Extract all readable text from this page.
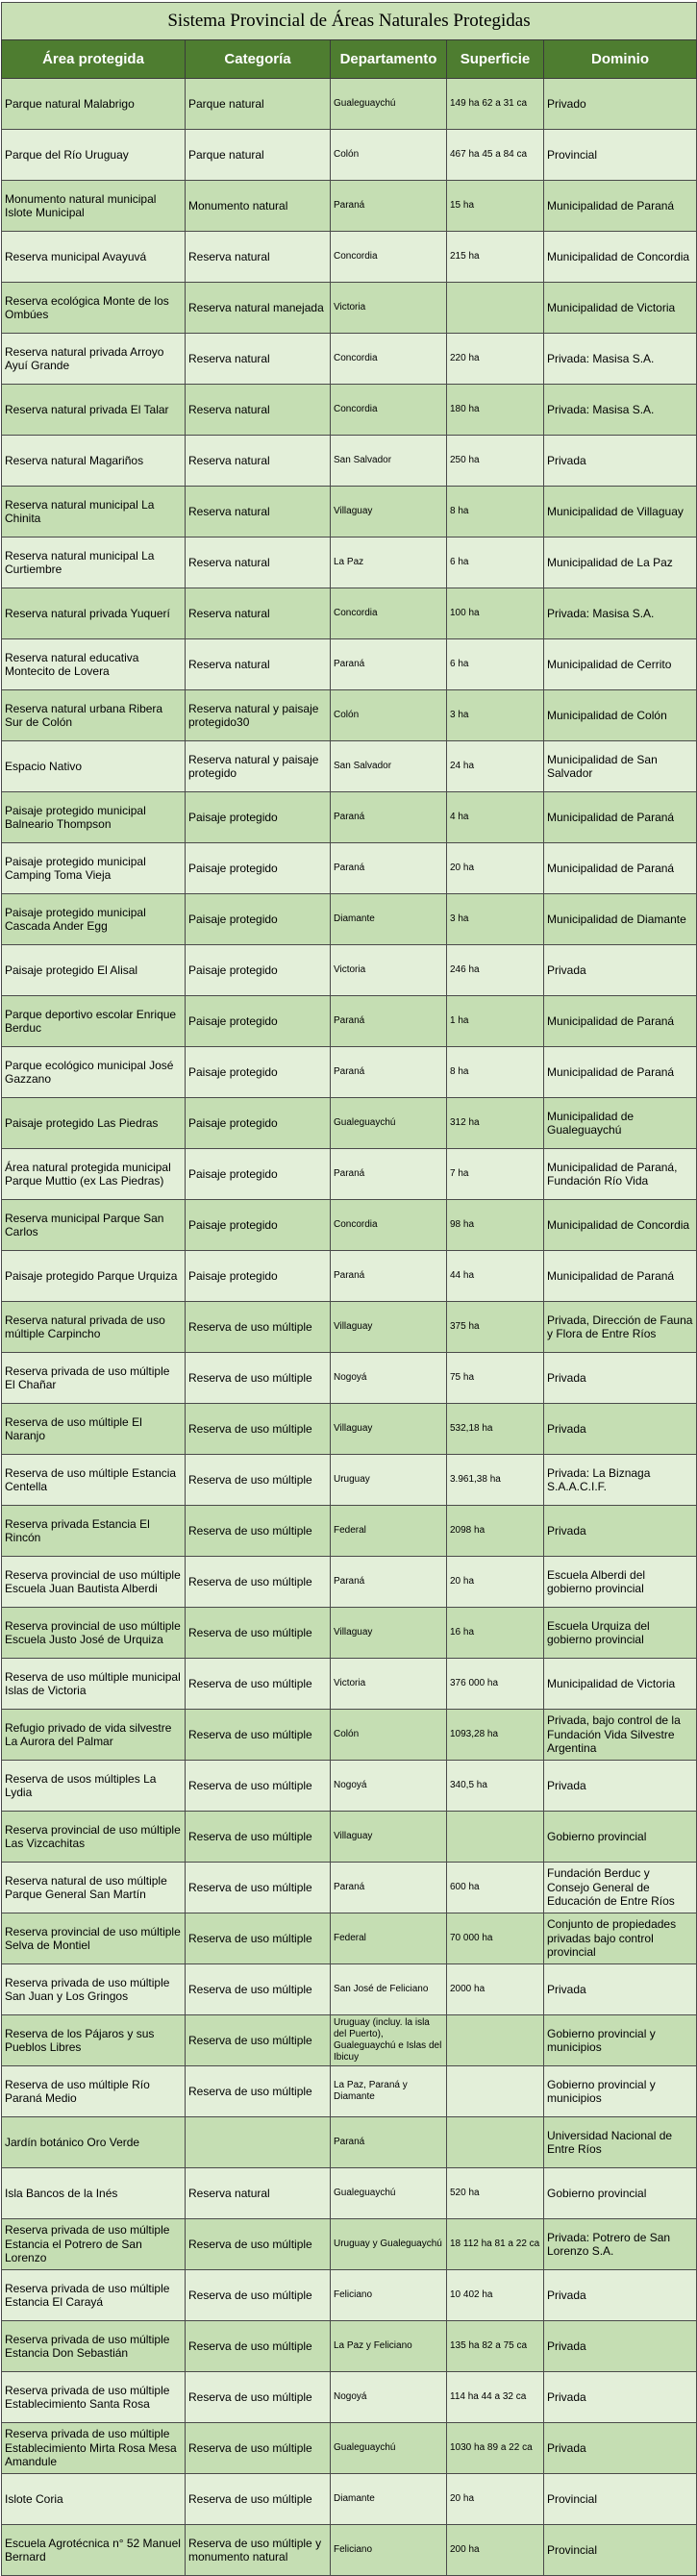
Sistema Provincial de Áreas Naturales Protegidas
Área protegida	Categoría	Departamento	Superficie	Dominio

Parque natural Malabrigo	Parque natural	Gualeguaychú	149 ha 62 a 31 ca	Privado

Parque del Río Uruguay	Parque natural	Colón	467 ha 45 a 84 ca	Provincial

Monumento natural municipal Islote Municipal	Monumento natural	Paraná	15 ha	Municipalidad de Paraná

Reserva municipal Avayuvá	Reserva natural	Concordia	215 ha	Municipalidad de Concordia

Reserva ecológica Monte de los Ombúes	Reserva natural manejada	Victoria		Municipalidad de Victoria

Reserva natural privada Arroyo Ayuí Grande	Reserva natural	Concordia	220 ha	Privada: Masisa S.A.

Reserva natural privada El Talar	Reserva natural	Concordia	180 ha	Privada: Masisa S.A.

Reserva natural Magariños	Reserva natural	San Salvador	250 ha	Privada

Reserva natural municipal La Chinita	Reserva natural	Villaguay	8 ha	Municipalidad de Villaguay

Reserva natural municipal La Curtiembre	Reserva natural	La Paz	6 ha	Municipalidad de La Paz

Reserva natural privada Yuquerí	Reserva natural	Concordia	100 ha	Privada: Masisa S.A.

Reserva natural educativa Montecito de Lovera	Reserva natural	Paraná	6 ha	Municipalidad de Cerrito

Reserva natural urbana Ribera Sur de Colón	Reserva natural y paisaje protegido30	Colón	3 ha	Municipalidad de Colón

Espacio Nativo	Reserva natural y paisaje protegido	San Salvador	24 ha	Municipalidad de San Salvador

Paisaje protegido municipal Balneario Thompson	Paisaje protegido	Paraná	4 ha	Municipalidad de Paraná

Paisaje protegido municipal Camping Toma Vieja	Paisaje protegido	Paraná	20 ha	Municipalidad de Paraná

Paisaje protegido municipal Cascada Ander Egg	Paisaje protegido	Diamante	3 ha	Municipalidad de Diamante

Paisaje protegido El Alisal	Paisaje protegido	Victoria	246 ha	Privada

Parque deportivo escolar Enrique Berduc	Paisaje protegido	Paraná	1 ha	Municipalidad de Paraná

Parque ecológico municipal José Gazzano	Paisaje protegido	Paraná	8 ha	Municipalidad de Paraná

Paisaje protegido Las Piedras	Paisaje protegido	Gualeguaychú	312 ha	Municipalidad de Gualeguaychú

Área natural protegida municipal Parque Muttio (ex Las Piedras)	Paisaje protegido	Paraná	7 ha	Municipalidad de Paraná, Fundación Río Vida

Reserva municipal Parque San Carlos	Paisaje protegido	Concordia	98 ha	Municipalidad de Concordia

Paisaje protegido Parque Urquiza	Paisaje protegido	Paraná	44 ha	Municipalidad de Paraná

Reserva natural privada de uso múltiple Carpincho	Reserva de uso múltiple	Villaguay	375 ha	Privada, Dirección de Fauna y Flora de Entre Ríos

Reserva privada de uso múltiple El Chañar	Reserva de uso múltiple	Nogoyá	75 ha	Privada

Reserva de uso múltiple El Naranjo	Reserva de uso múltiple	Villaguay	532,18 ha	Privada

Reserva de uso múltiple Estancia Centella	Reserva de uso múltiple	Uruguay	3.961,38 ha	Privada: La Biznaga S.A.A.C.I.F.

Reserva privada Estancia El Rincón	Reserva de uso múltiple	Federal	2098 ha	Privada

Reserva provincial de uso múltiple Escuela Juan Bautista Alberdi	Reserva de uso múltiple	Paraná	20 ha	Escuela Alberdi del gobierno provincial

Reserva provincial de uso múltiple Escuela Justo José de Urquiza	Reserva de uso múltiple	Villaguay	16 ha	Escuela Urquiza del gobierno provincial

Reserva de uso múltiple municipal Islas de Victoria	Reserva de uso múltiple	Victoria	376 000 ha	Municipalidad de Victoria

Refugio privado de vida silvestre La Aurora del Palmar	Reserva de uso múltiple	Colón	1093,28 ha	Privada, bajo control de la Fundación Vida Silvestre Argentina

Reserva de usos múltiples La Lydia	Reserva de uso múltiple	Nogoyá	340,5 ha	Privada

Reserva provincial de uso múltiple Las Vizcachitas	Reserva de uso múltiple	Villaguay		Gobierno provincial

Reserva natural de uso múltiple Parque General San Martín	Reserva de uso múltiple	Paraná	600 ha	Fundación Berduc y Consejo General de Educación de Entre Ríos

Reserva provincial de uso múltiple Selva de Montiel	Reserva de uso múltiple	Federal	70 000 ha	Conjunto de propiedades privadas bajo control provincial

Reserva privada de uso múltiple San Juan y Los Gringos	Reserva de uso múltiple	San José de Feliciano	2000 ha	Privada

Reserva de los Pájaros y sus Pueblos Libres	Reserva de uso múltiple	Uruguay (incluy. la isla del Puerto), Gualeguaychú e Islas del Ibicuy		Gobierno provincial y municipios

Reserva de uso múltiple Río Paraná Medio	Reserva de uso múltiple	La Paz, Paraná y Diamante		Gobierno provincial y municipios

Jardín botánico Oro Verde		Paraná		Universidad Nacional de Entre Ríos

Isla Bancos de la Inés	Reserva natural	Gualeguaychú	520 ha	Gobierno provincial

Reserva privada de uso múltiple Estancia el Potrero de San Lorenzo	Reserva de uso múltiple	Uruguay y Gualeguaychú	18 112 ha 81 a 22 ca	Privada: Potrero de San Lorenzo S.A.

Reserva privada de uso múltiple Estancia El Carayá	Reserva de uso múltiple	Feliciano	10 402 ha	Privada

Reserva privada de uso múltiple Estancia Don Sebastián	Reserva de uso múltiple	La Paz y Feliciano	135 ha 82 a 75 ca	Privada

Reserva privada de uso múltiple Establecimiento Santa Rosa	Reserva de uso múltiple	Nogoyá	114 ha 44 a 32 ca	Privada

Reserva privada de uso múltiple Establecimiento Mirta Rosa Mesa Amandule	Reserva de uso múltiple	Gualeguaychú	1030 ha 89 a 22 ca	Privada

Islote Coria	Reserva de uso múltiple	Diamante	20 ha	Provincial

Escuela Agrotécnica n° 52 Manuel Bernard	Reserva de uso múltiple y monumento natural	Feliciano	200 ha	Provincial
